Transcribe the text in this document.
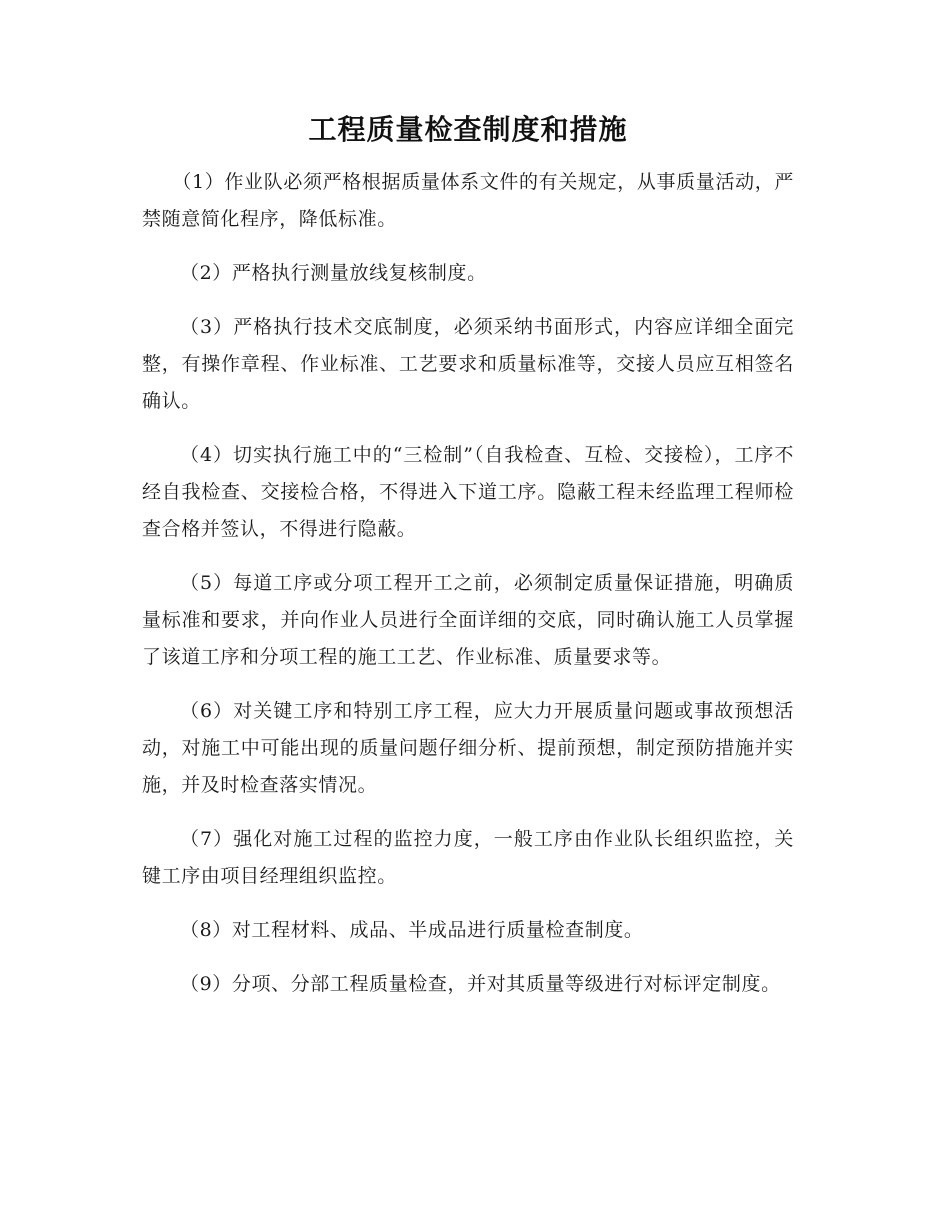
工程质量检查制度和措施

（1）作业队必须严格根据质量体系文件的有关规定，从事质量活动，严禁随意简化程序，降低标准。

（2）严格执行测量放线复核制度。

（3）严格执行技术交底制度，必须采纳书面形式，内容应详细全面完整，有操作章程、作业标准、工艺要求和质量标准等，交接人员应互相签名确认。

（4）切实执行施工中的“三检制”（自我检查、互检、交接检），工序不经自我检查、交接检合格，不得进入下道工序。隐蔽工程未经监理工程师检查合格并签认，不得进行隐蔽。

（5）每道工序或分项工程开工之前，必须制定质量保证措施，明确质量标准和要求，并向作业人员进行全面详细的交底，同时确认施工人员掌握了该道工序和分项工程的施工工艺、作业标准、质量要求等。

（6）对关键工序和特别工序工程，应大力开展质量问题或事故预想活动，对施工中可能出现的质量问题仔细分析、提前预想，制定预防措施并实施，并及时检查落实情况。

（7）强化对施工过程的监控力度，一般工序由作业队长组织监控，关键工序由项目经理组织监控。

（8）对工程材料、成品、半成品进行质量检查制度。

（9）分项、分部工程质量检查，并对其质量等级进行对标评定制度。
